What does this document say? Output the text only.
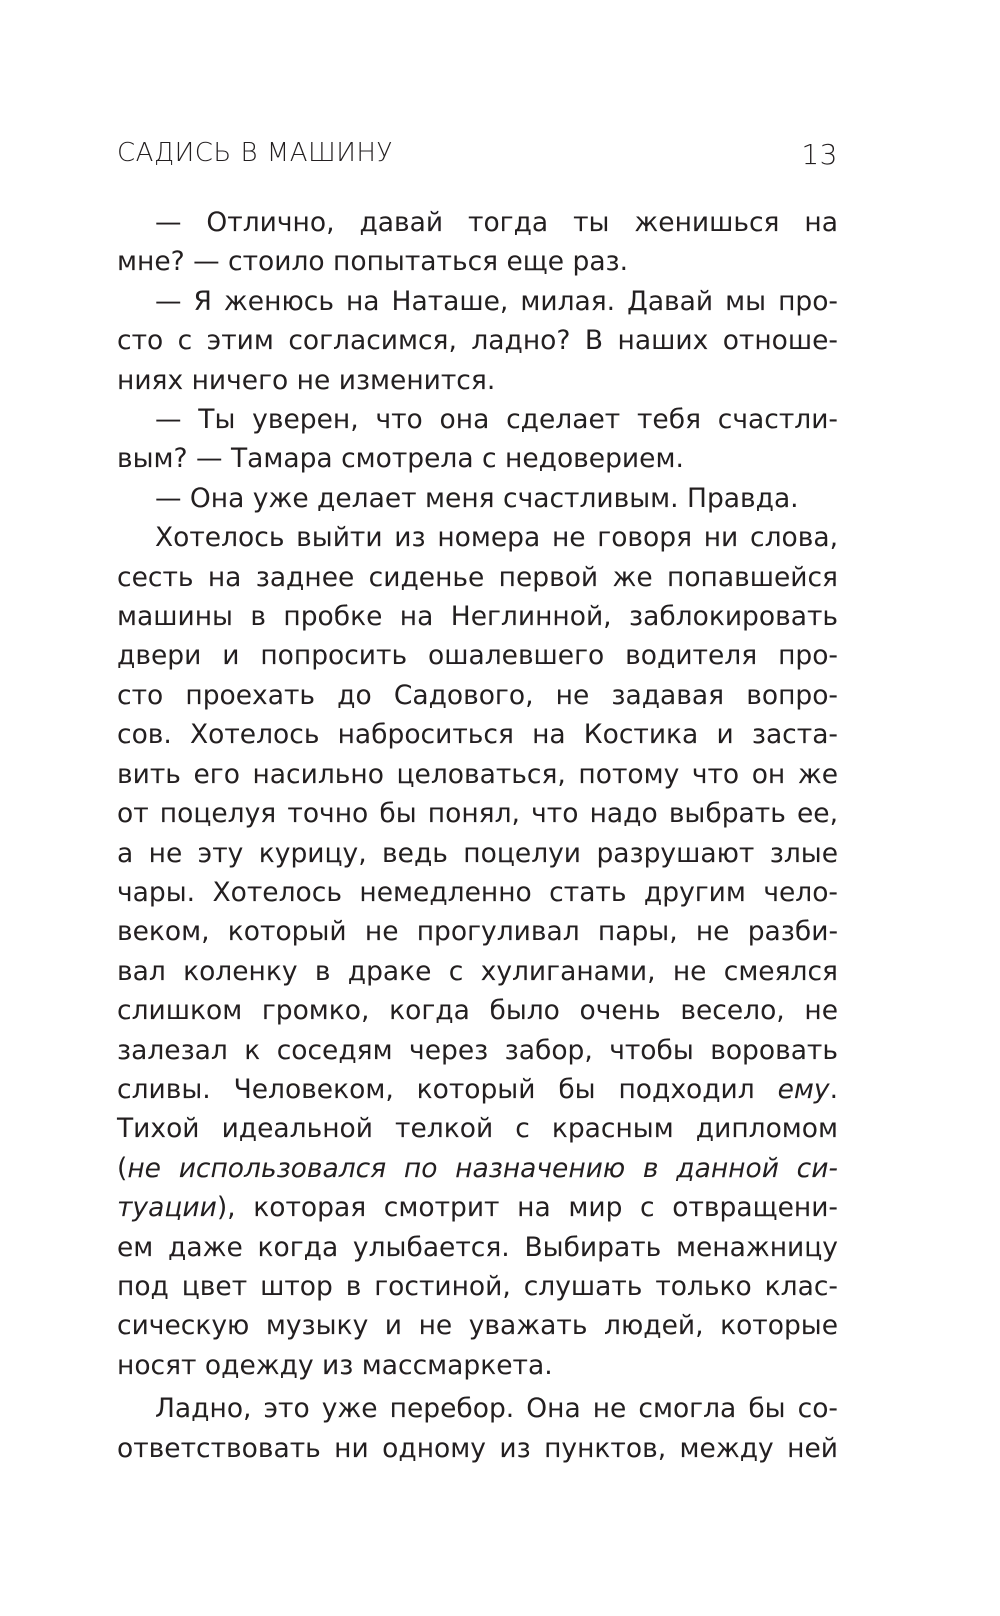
САДИСЬ В МАШИНУ	13

— Отлично, давай тогда ты женишься на

мне? — стоило попытаться еще раз.

— Я женюсь на Наташе, милая. Давай мы про-

сто с этим согласимся, ладно? В наших отноше-

ниях ничего не изменится.

— Ты уверен, что она сделает тебя счастли-

вым? — Тамара смотрела с недоверием.

— Она уже делает меня счастливым. Правда.

Хотелось выйти из номера не говоря ни слова,

сесть на заднее сиденье первой же попавшейся

машины в пробке на Неглинной, заблокировать

двери и попросить ошалевшего водителя про-

сто проехать до Садового, не задавая вопро-

сов. Хотелось наброситься на Костика и заста-

вить его насильно целоваться, потому что он же

от поцелуя точно бы понял, что надо выбрать ее,

а не эту курицу, ведь поцелуи разрушают злые

чары. Хотелось немедленно стать другим чело-

веком, который не прогуливал пары, не разби-

вал коленку в драке с хулиганами, не смеялся

слишком громко, когда было очень весело, не

залезал к соседям через забор, чтобы воровать

сливы. Человеком, который бы подходил ему.

Тихой идеальной телкой с красным дипломом

(не использовался по назначению в данной си-

туации), которая смотрит на мир с отвращени-

ем даже когда улыбается. Выбирать менажницу

под цвет штор в гостиной, слушать только клас-

сическую музыку и не уважать людей, которые

носят одежду из массмаркета.

Ладно, это уже перебор. Она не смогла бы со-

ответствовать ни одному из пунктов, между ней
